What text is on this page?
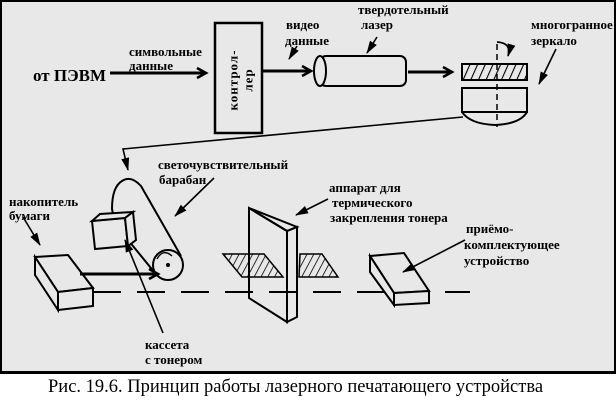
от ПЭВМ
символьные
данные	контрол- лер
видео
данные
твердотельный
лазер	многогранное
зеркало
светочувствительный
барабан
накопитель
бумаги
аппарат для
термического
закрепления тонера
приёмо-
комплектующее
устройство
кассета
с тонером
Рис. 19.6. Принцип работы лазерного печатающего устройства
